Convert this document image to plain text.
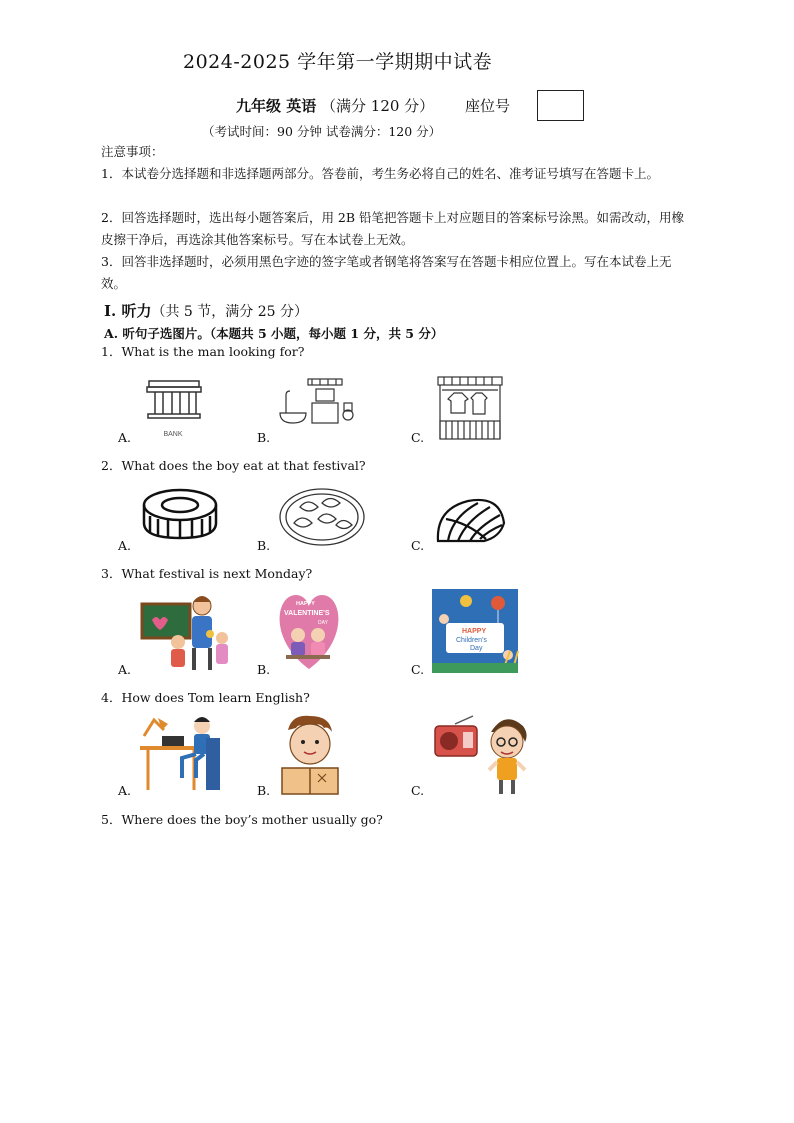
2024-2025 学年第一学期期中试卷
九年级 英语 （满分 120 分） 座位号
（考试时间：90 分钟 试卷满分：120 分）
注意事项：
1．本试卷分选择题和非选择题两部分。答卷前，考生务必将自己的姓名、准考证号填写在答题卡上。
2．回答选择题时，选出每小题答案后，用 2B 铅笔把答题卡上对应题目的答案标号涂黑。如需改动，用橡皮擦干净后，再选涂其他答案标号。写在本试卷上无效。
3．回答非选择题时，必须用黑色字迹的签字笔或者钢笔将答案写在答题卡相应位置上。写在本试卷上无效。
Ⅰ. 听力（共 5 节，满分 25 分）
A. 听句子选图片。（本题共 5 小题，每小题 1 分，共 5 分）
1．What is the man looking for?
A.	B.	C.
BANK
2．What does the boy eat at that festival?
A.	B.	C.
3．What festival is next Monday?
A.	B.	C.
HAPPY
VALENTINE'S
DAY
HAPPY
Children's
Day
4．How does Tom learn English?
A.	B.	C.
5．Where does the boy’s mother usually go?
